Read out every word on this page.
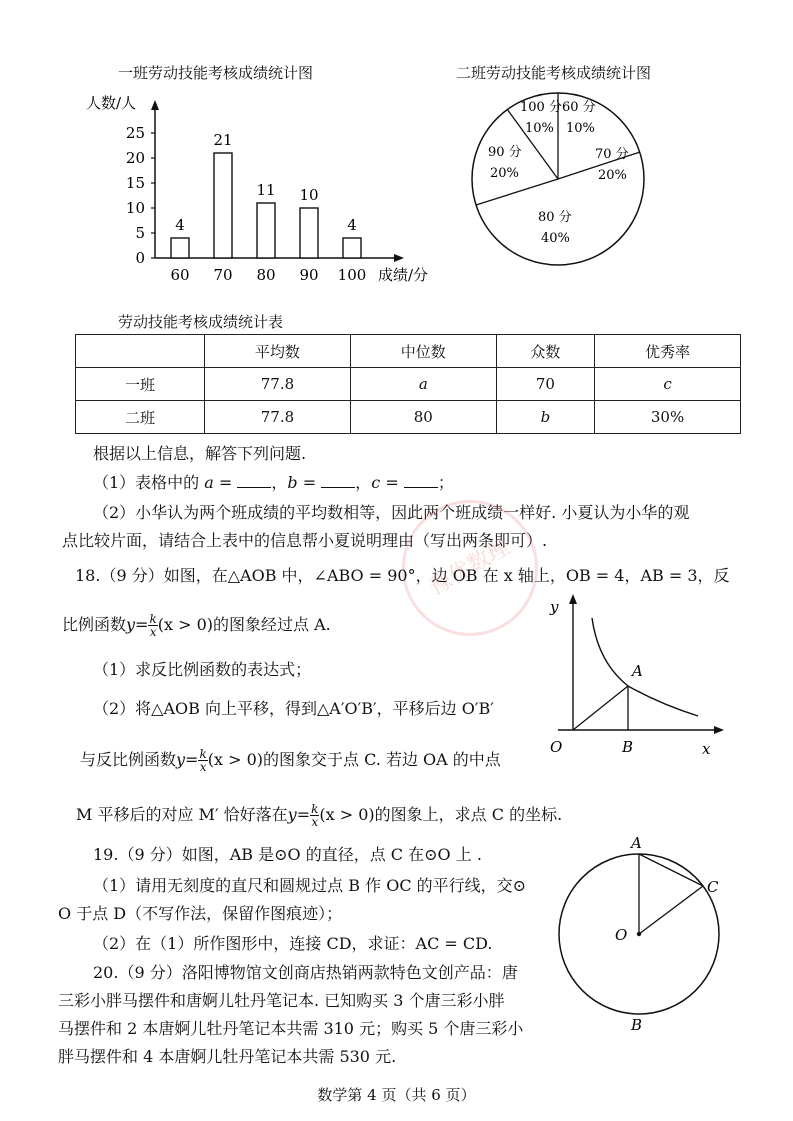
一班劳动技能考核成绩统计图
人数/人
成绩/分
0
5
10
15
20
25
4
60
21
70
11
80
10
90
4
100
二班劳动技能考核成绩统计图
100 分
10%
60 分
10%
70 分
20%
80 分
40%
90 分
20%
劳动技能考核成绩统计表
	平均数	中位数	众数	优秀率
一班	77.8	a	70	c
二班	77.8	80	b	30%
根据以上信息，解答下列问题.
（1）表格中的 a = ，b = ，c = ；
（2）小华认为两个班成绩的平均数相等，因此两个班成绩一样好. 小夏认为小华的观
点比较片面，请结合上表中的信息帮小夏说明理由（写出两条即可）.
豫优数理
18.（9 分）如图，在△AOB 中，∠ABO = 90°，边 OB 在 x 轴上，OB = 4，AB = 3，反
比例函数$y= \frac{k}{x} (x > 0)$的图象经过点 A.
（1）求反比例函数的表达式；
（2）将△AOB 向上平移，得到△A′O′B′，平移后边 O′B′
与反比例函数$y= \frac{k}{x} (x > 0)$的图象交于点 C. 若边 OA 的中点
M 平移后的对应 M′ 恰好落在$y= \frac{k}{x} (x > 0)$的图象上，求点 C 的坐标.
y
x
A
O	B
19.（9 分）如图，AB 是⊙O 的直径，点 C 在⊙O 上 .
（1）请用无刻度的直尺和圆规过点 B 作 OC 的平行线，交⊙
O 于点 D（不写作法，保留作图痕迹）；
（2）在（1）所作图形中，连接 CD，求证：AC = CD.
A
C
O
B
20.（9 分）洛阳博物馆文创商店热销两款特色文创产品：唐
三彩小胖马摆件和唐婀儿牡丹笔记本. 已知购买 3 个唐三彩小胖
马摆件和 2 本唐婀儿牡丹笔记本共需 310 元；购买 5 个唐三彩小
胖马摆件和 4 本唐婀儿牡丹笔记本共需 530 元.
数学第 4 页（共 6 页）
